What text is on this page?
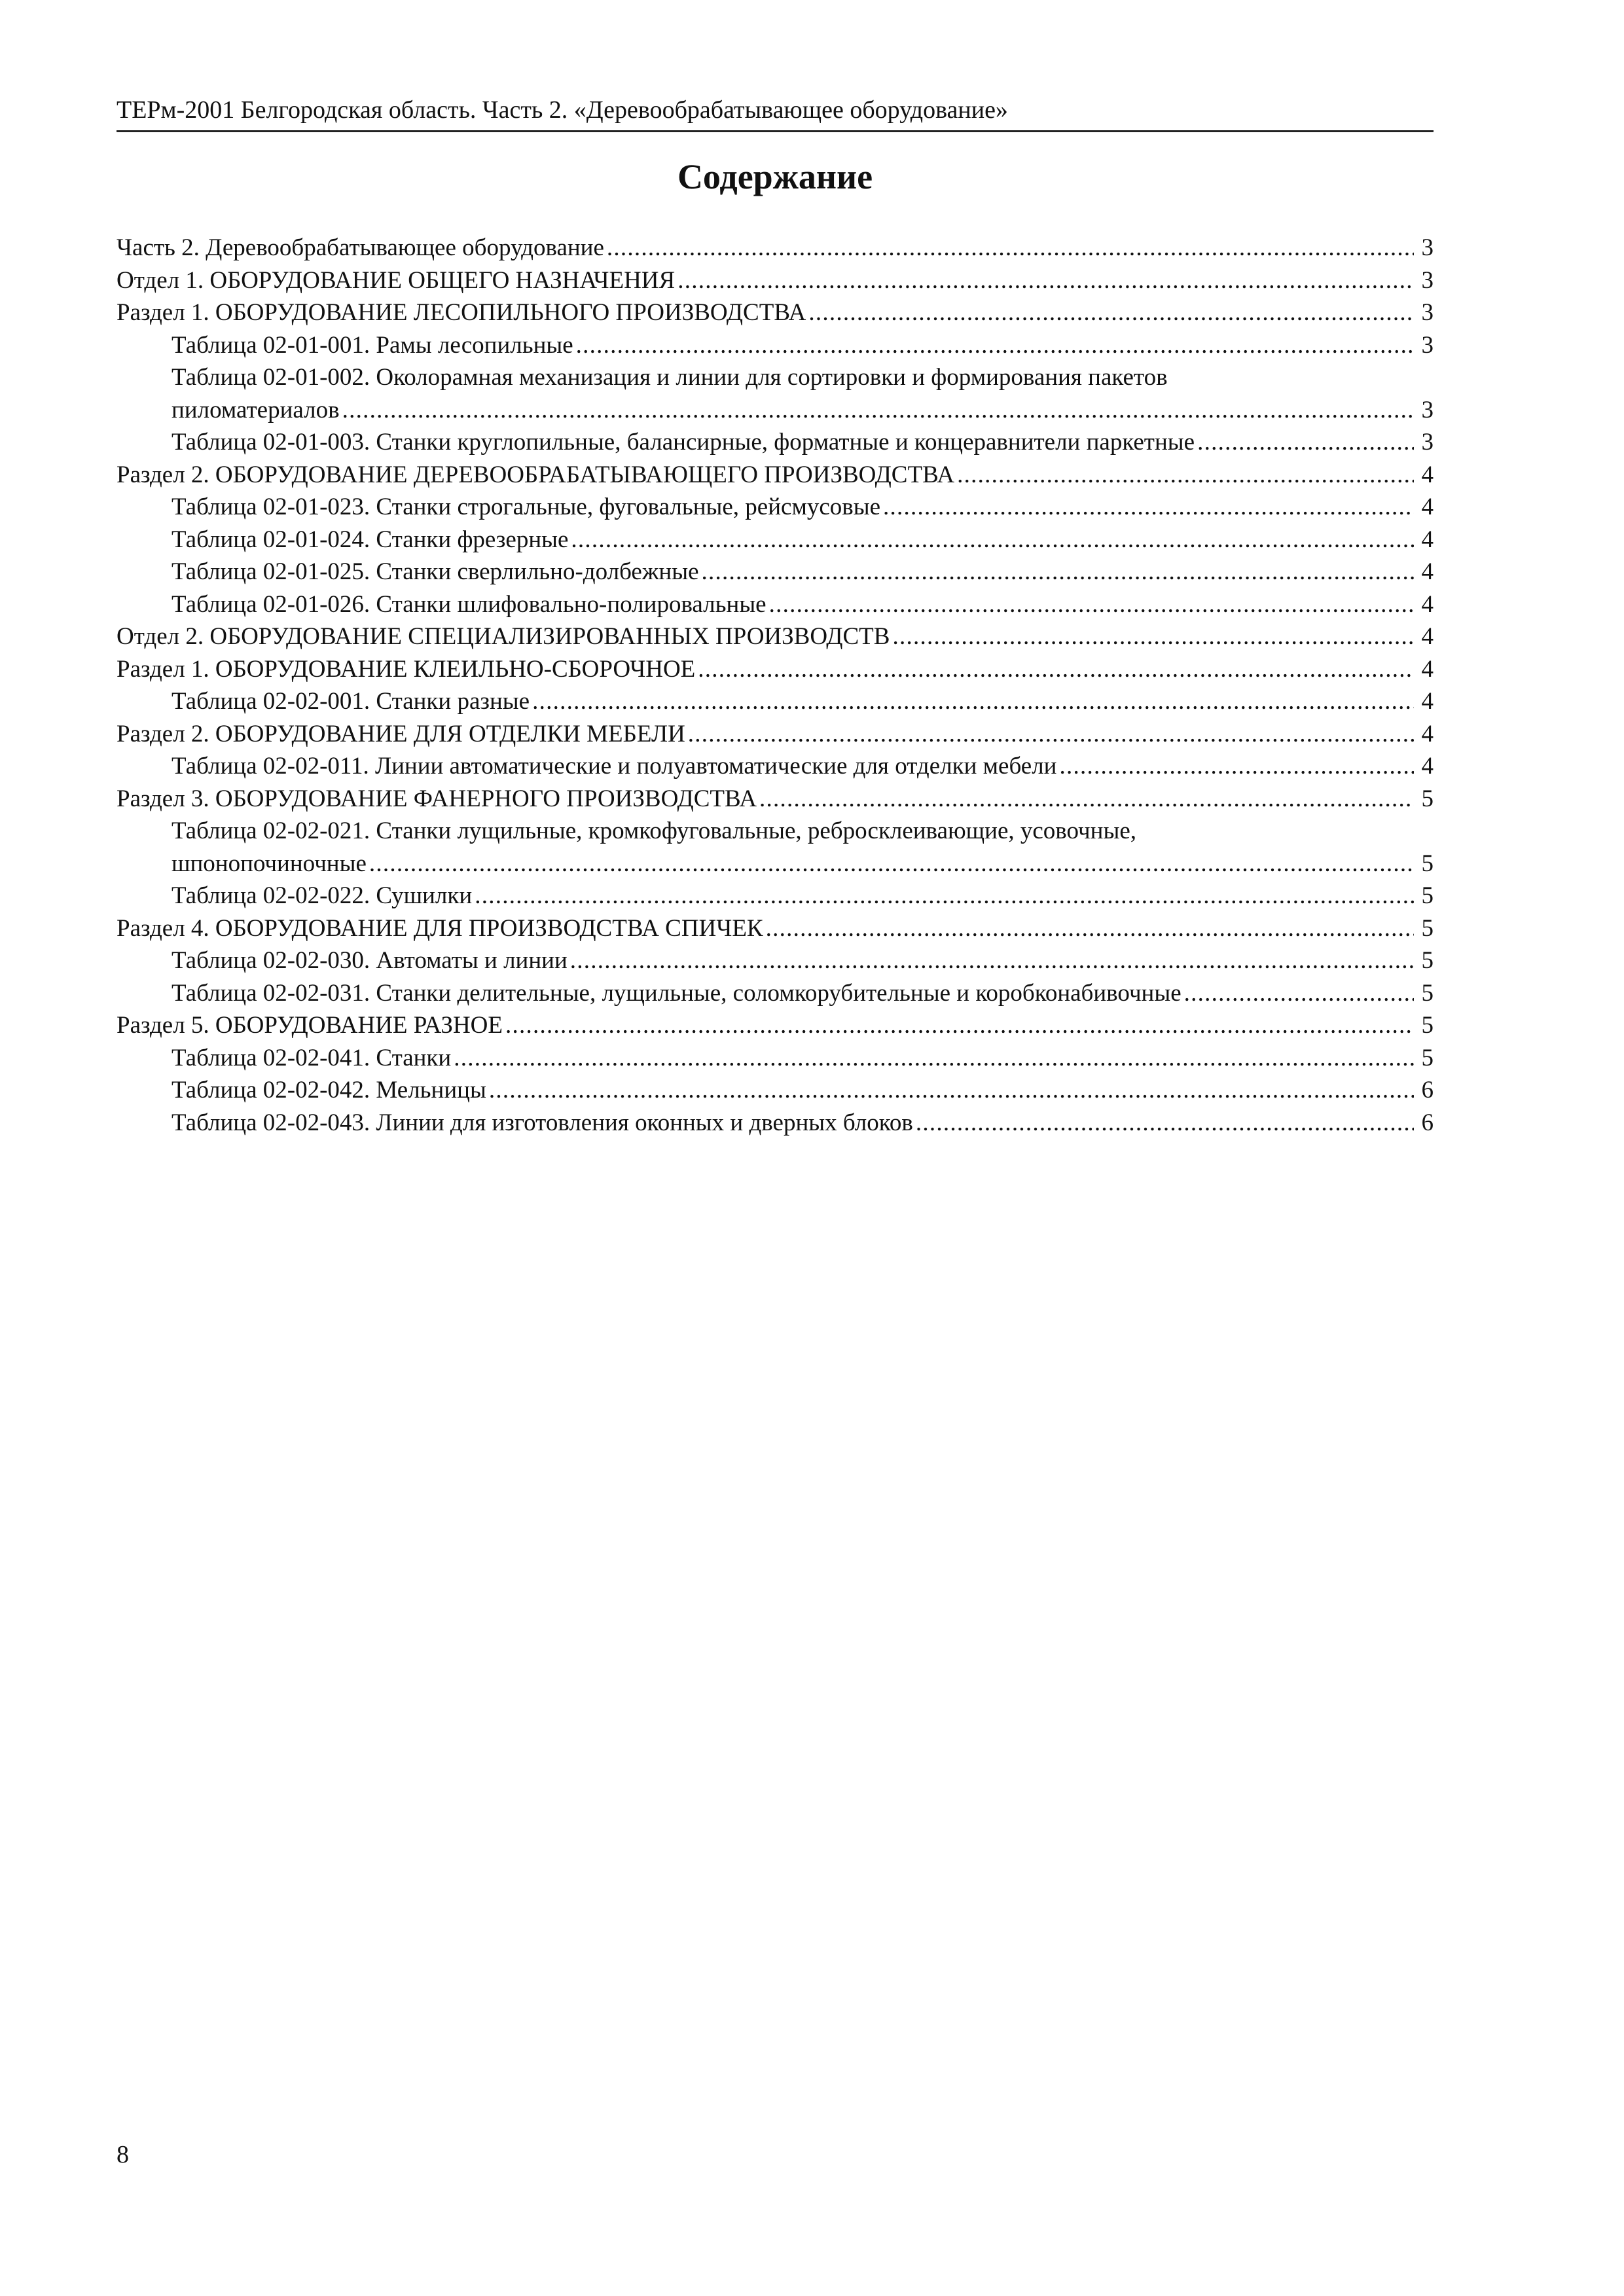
ТЕРм-2001 Белгородская область. Часть 2. «Деревообрабатывающее оборудование»
Содержание
Часть 2. Деревообрабатывающее оборудование . . .	3
Отдел 1. ОБОРУДОВАНИЕ ОБЩЕГО НАЗНАЧЕНИЯ . . .	3
Раздел 1. ОБОРУДОВАНИЕ ЛЕСОПИЛЬНОГО ПРОИЗВОДСТВА . . .	3
Таблица 02-01-001. Рамы лесопильные . . .	3
Таблица 02-01-002. Околорамная механизация и линии для сортировки и формирования пакетов
пиломатериалов . . .	3
Таблица 02-01-003. Станки круглопильные, балансирные, форматные и концеравнители паркетные . . .	3
Раздел 2. ОБОРУДОВАНИЕ ДЕРЕВООБРАБАТЫВАЮЩЕГО ПРОИЗВОДСТВА . . .	4
Таблица 02-01-023. Станки строгальные, фуговальные, рейсмусовые . . .	4
Таблица 02-01-024. Станки фрезерные . . .	4
Таблица 02-01-025. Станки сверлильно-долбежные . . .	4
Таблица 02-01-026. Станки шлифовально-полировальные . . .	4
Отдел 2. ОБОРУДОВАНИЕ СПЕЦИАЛИЗИРОВАННЫХ ПРОИЗВОДСТВ . . .	4
Раздел 1. ОБОРУДОВАНИЕ КЛЕИЛЬНО-СБОРОЧНОЕ . . .	4
Таблица 02-02-001. Станки разные . . .	4
Раздел 2. ОБОРУДОВАНИЕ ДЛЯ ОТДЕЛКИ МЕБЕЛИ . . .	4
Таблица 02-02-011. Линии автоматические и полуавтоматические для отделки мебели . . .	4
Раздел 3. ОБОРУДОВАНИЕ ФАНЕРНОГО ПРОИЗВОДСТВА . . .	5
Таблица 02-02-021. Станки лущильные, кромкофуговальные, ребросклеивающие, усовочные,
шпонопочиночные . . .	5
Таблица 02-02-022. Сушилки . . .	5
Раздел 4. ОБОРУДОВАНИЕ ДЛЯ ПРОИЗВОДСТВА СПИЧЕК . . .	5
Таблица 02-02-030. Автоматы и линии . . .	5
Таблица 02-02-031. Станки делительные, лущильные, соломкорубительные и коробконабивочные . . .	5
Раздел 5. ОБОРУДОВАНИЕ РАЗНОЕ . . .	5
Таблица 02-02-041. Станки . . .	5
Таблица 02-02-042. Мельницы . . .	6
Таблица 02-02-043. Линии для изготовления оконных и дверных блоков . . .	6
8
